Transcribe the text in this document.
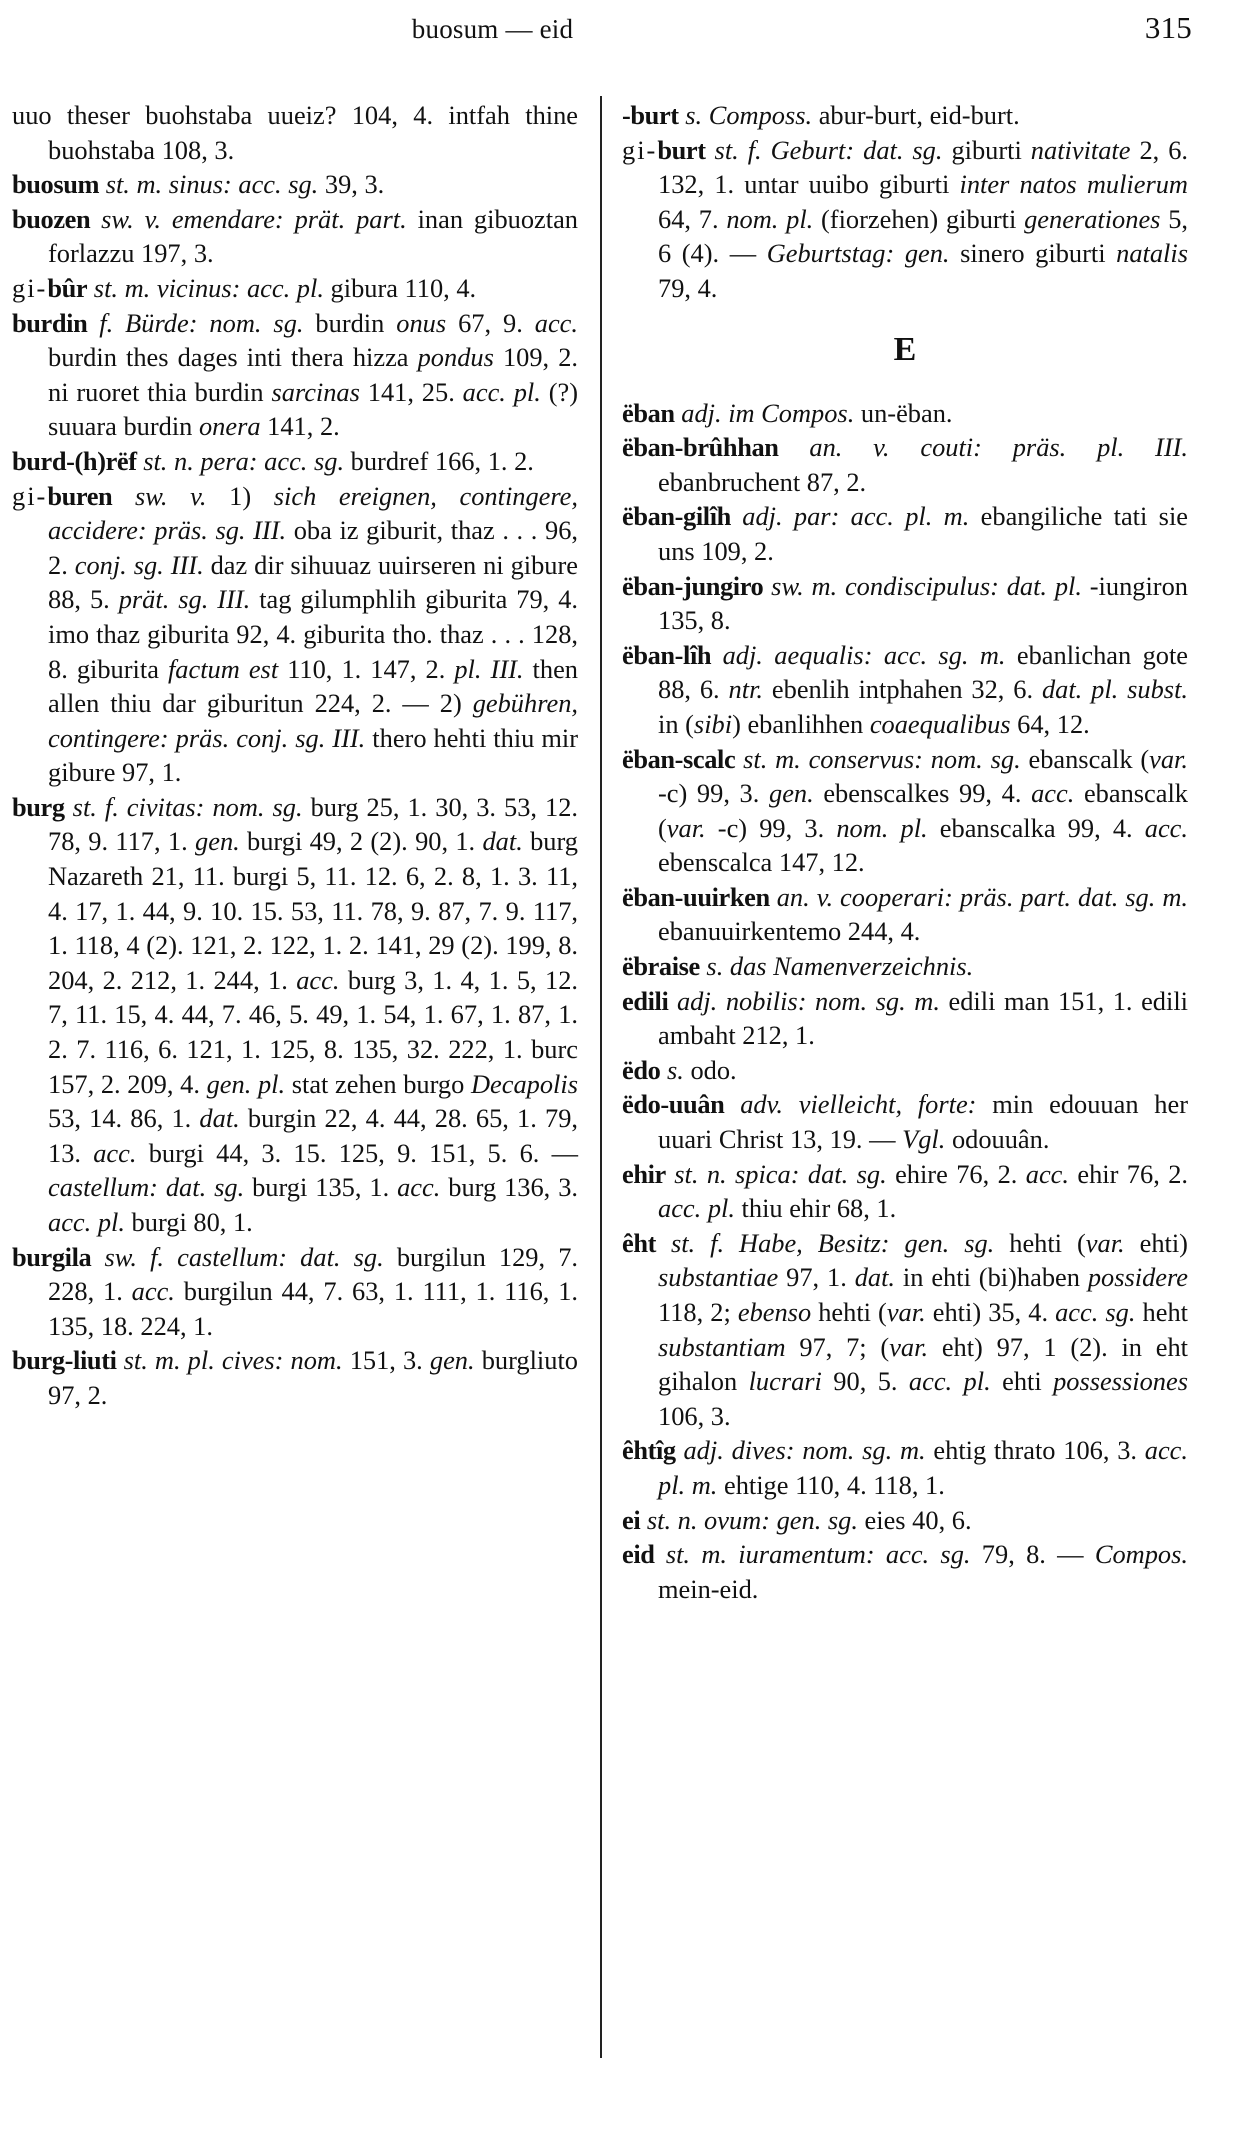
buosum — eid	315

uuo theser buohstaba uueiz? 104, 4. intfah thine buohstaba 108, 3.

buosum st. m. sinus: acc. sg. 39, 3.

buozen sw. v. emendare: prät. part. inan gibuoztan forlazzu 197, 3.

gi-bûr st. m. vicinus: acc. pl. gibura 110, 4.

burdin f. Bürde: nom. sg. burdin onus 67, 9. acc. burdin thes dages inti thera hizza pondus 109, 2. ni ruoret thia burdin sarcinas 141, 25. acc. pl. (?) suuara burdin onera 141, 2.

burd-(h)rëf st. n. pera: acc. sg. burdref 166, 1. 2.

gi-buren sw. v. 1) sich ereignen, contingere, accidere: präs. sg. III. oba iz giburit, thaz . . . 96, 2. conj. sg. III. daz dir sihuuaz uuirseren ni gibure 88, 5. prät. sg. III. tag gilumphlih giburita 79, 4. imo thaz giburita 92, 4. giburita tho. thaz . . . 128, 8. giburita factum est 110, 1. 147, 2. pl. III. then allen thiu dar giburitun 224, 2. — 2) gebühren, contingere: präs. conj. sg. III. thero hehti thiu mir gibure 97, 1.

burg st. f. civitas: nom. sg. burg 25, 1. 30, 3. 53, 12. 78, 9. 117, 1. gen. burgi 49, 2 (2). 90, 1. dat. burg Nazareth 21, 11. burgi 5, 11. 12. 6, 2. 8, 1. 3. 11, 4. 17, 1. 44, 9. 10. 15. 53, 11. 78, 9. 87, 7. 9. 117, 1. 118, 4 (2). 121, 2. 122, 1. 2. 141, 29 (2). 199, 8. 204, 2. 212, 1. 244, 1. acc. burg 3, 1. 4, 1. 5, 12. 7, 11. 15, 4. 44, 7. 46, 5. 49, 1. 54, 1. 67, 1. 87, 1. 2. 7. 116, 6. 121, 1. 125, 8. 135, 32. 222, 1. burc 157, 2. 209, 4. gen. pl. stat zehen burgo Decapolis 53, 14. 86, 1. dat. burgin 22, 4. 44, 28. 65, 1. 79, 13. acc. burgi 44, 3. 15. 125, 9. 151, 5. 6. — castellum: dat. sg. burgi 135, 1. acc. burg 136, 3. acc. pl. burgi 80, 1.

burgila sw. f. castellum: dat. sg. burgilun 129, 7. 228, 1. acc. burgilun 44, 7. 63, 1. 111, 1. 116, 1. 135, 18. 224, 1.

burg-liuti st. m. pl. cives: nom. 151, 3. gen. burgliuto 97, 2.

-burt s. Composs. abur-burt, eid-burt.

gi-burt st. f. Geburt: dat. sg. giburti nativitate 2, 6. 132, 1. untar uuibo giburti inter natos mulierum 64, 7. nom. pl. (fiorzehen) giburti generationes 5, 6 (4). — Geburtstag: gen. sinero giburti natalis 79, 4.

E

ëban adj. im Compos. un-ëban.

ëban-brûhhan an. v. couti: präs. pl. III. ebanbruchent 87, 2.

ëban-gilîh adj. par: acc. pl. m. ebangiliche tati sie uns 109, 2.

ëban-jungiro sw. m. condiscipulus: dat. pl. -iungiron 135, 8.

ëban-lîh adj. aequalis: acc. sg. m. ebanlichan gote 88, 6. ntr. ebenlih intphahen 32, 6. dat. pl. subst. in (sibi) ebanlihhen coaequalibus 64, 12.

ëban-scalc st. m. conservus: nom. sg. ebanscalk (var. -c) 99, 3. gen. ebenscalkes 99, 4. acc. ebanscalk (var. -c) 99, 3. nom. pl. ebanscalka 99, 4. acc. ebenscalca 147, 12.

ëban-uuirken an. v. cooperari: präs. part. dat. sg. m. ebanuuirkentemo 244, 4.

ëbraise s. das Namenverzeichnis.

edili adj. nobilis: nom. sg. m. edili man 151, 1. edili ambaht 212, 1.

ëdo s. odo.

ëdo-uuân adv. vielleicht, forte: min edouuan her uuari Christ 13, 19. — Vgl. odouuân.

ehir st. n. spica: dat. sg. ehire 76, 2. acc. ehir 76, 2. acc. pl. thiu ehir 68, 1.

êht st. f. Habe, Besitz: gen. sg. hehti (var. ehti) substantiae 97, 1. dat. in ehti (bi)haben possidere 118, 2; ebenso hehti (var. ehti) 35, 4. acc. sg. heht substantiam 97, 7; (var. eht) 97, 1 (2). in eht gihalon lucrari 90, 5. acc. pl. ehti possessiones 106, 3.

êhtîg adj. dives: nom. sg. m. ehtig thrato 106, 3. acc. pl. m. ehtige 110, 4. 118, 1.

ei st. n. ovum: gen. sg. eies 40, 6.

eid st. m. iuramentum: acc. sg. 79, 8. — Compos. mein-eid.
